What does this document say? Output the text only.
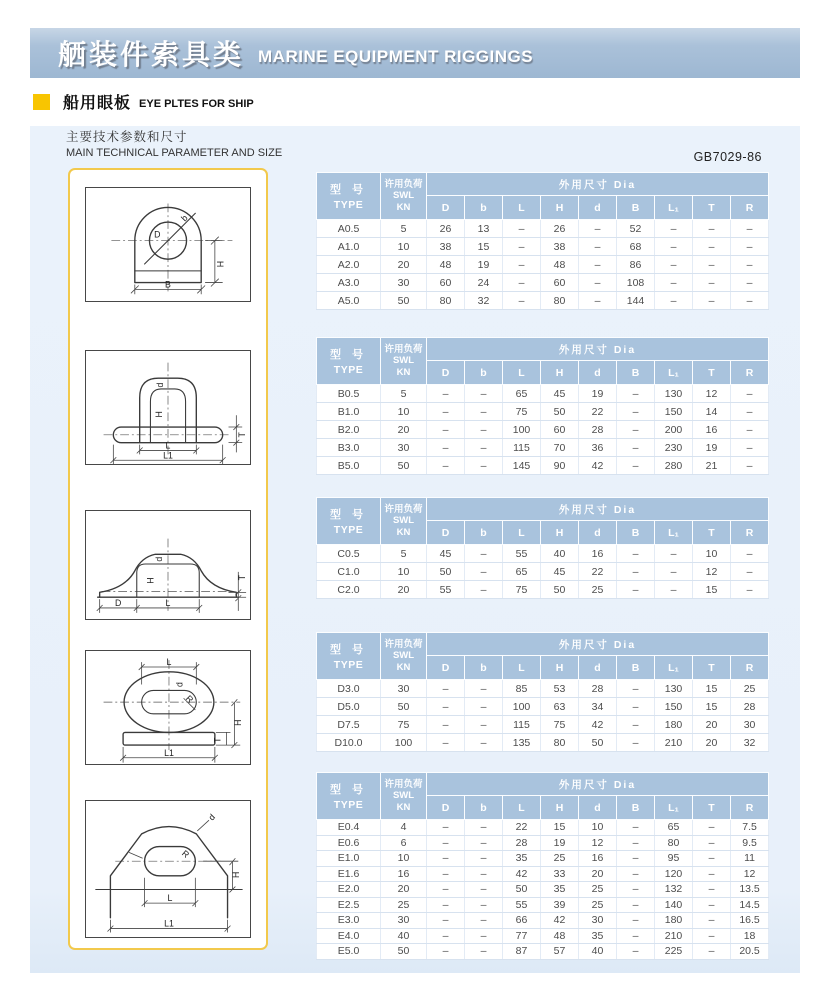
舾装件索具类 MARINE EQUIPMENT RIGGINGS
船用眼板 EYE PLTES FOR SHIP
主要技术参数和尺寸
MAIN TECHNICAL PARAMETER AND SIZE	GB7029-86
D
b
H
B
d
H
T
L
L1
d
H	T
D	L
L
d
R
H
T
L1
d
R
H
L
L1
型 号
TYPE

许用负荷
SWL
KN
	外用尺寸 Dia
		D	b	L	H	d	B	L₁	T	R
A0.5	5	26	13	–	26	–	52	–	–	–
A1.0	10	38	15	–	38	–	68	–	–	–
A2.0	20	48	19	–	48	–	86	–	–	–
A3.0	30	60	24	–	60	–	108	–	–	–
A5.0	50	80	32	–	80	–	144	–	–	–
型 号
TYPE

许用负荷
SWL
KN
	外用尺寸 Dia
		D	b	L	H	d	B	L₁	T	R
B0.5	5	–	–	65	45	19	–	130	12	–
B1.0	10	–	–	75	50	22	–	150	14	–
B2.0	20	–	–	100	60	28	–	200	16	–
B3.0	30	–	–	115	70	36	–	230	19	–
B5.0	50	–	–	145	90	42	–	280	21	–
型 号
TYPE

许用负荷
SWL
KN
	外用尺寸 Dia
		D	b	L	H	d	B	L₁	T	R
C0.5	5	45	–	55	40	16	–	–	10	–
C1.0	10	50	–	65	45	22	–	–	12	–
C2.0	20	55	–	75	50	25	–	–	15	–
型 号
TYPE

许用负荷
SWL
KN
	外用尺寸 Dia
		D	b	L	H	d	B	L₁	T	R
D3.0	30	–	–	85	53	28	–	130	15	25
D5.0	50	–	–	100	63	34	–	150	15	28
D7.5	75	–	–	115	75	42	–	180	20	30
D10.0	100	–	–	135	80	50	–	210	20	32
型 号
TYPE

许用负荷
SWL
KN
	外用尺寸 Dia
		D	b	L	H	d	B	L₁	T	R
E0.4	4	–	–	22	15	10	–	65	–	7.5
E0.6	6	–	–	28	19	12	–	80	–	9.5
E1.0	10	–	–	35	25	16	–	95	–	11
E1.6	16	–	–	42	33	20	–	120	–	12
E2.0	20	–	–	50	35	25	–	132	–	13.5
E2.5	25	–	–	55	39	25	–	140	–	14.5
E3.0	30	–	–	66	42	30	–	180	–	16.5
E4.0	40	–	–	77	48	35	–	210	–	18
E5.0	50	–	–	87	57	40	–	225	–	20.5
